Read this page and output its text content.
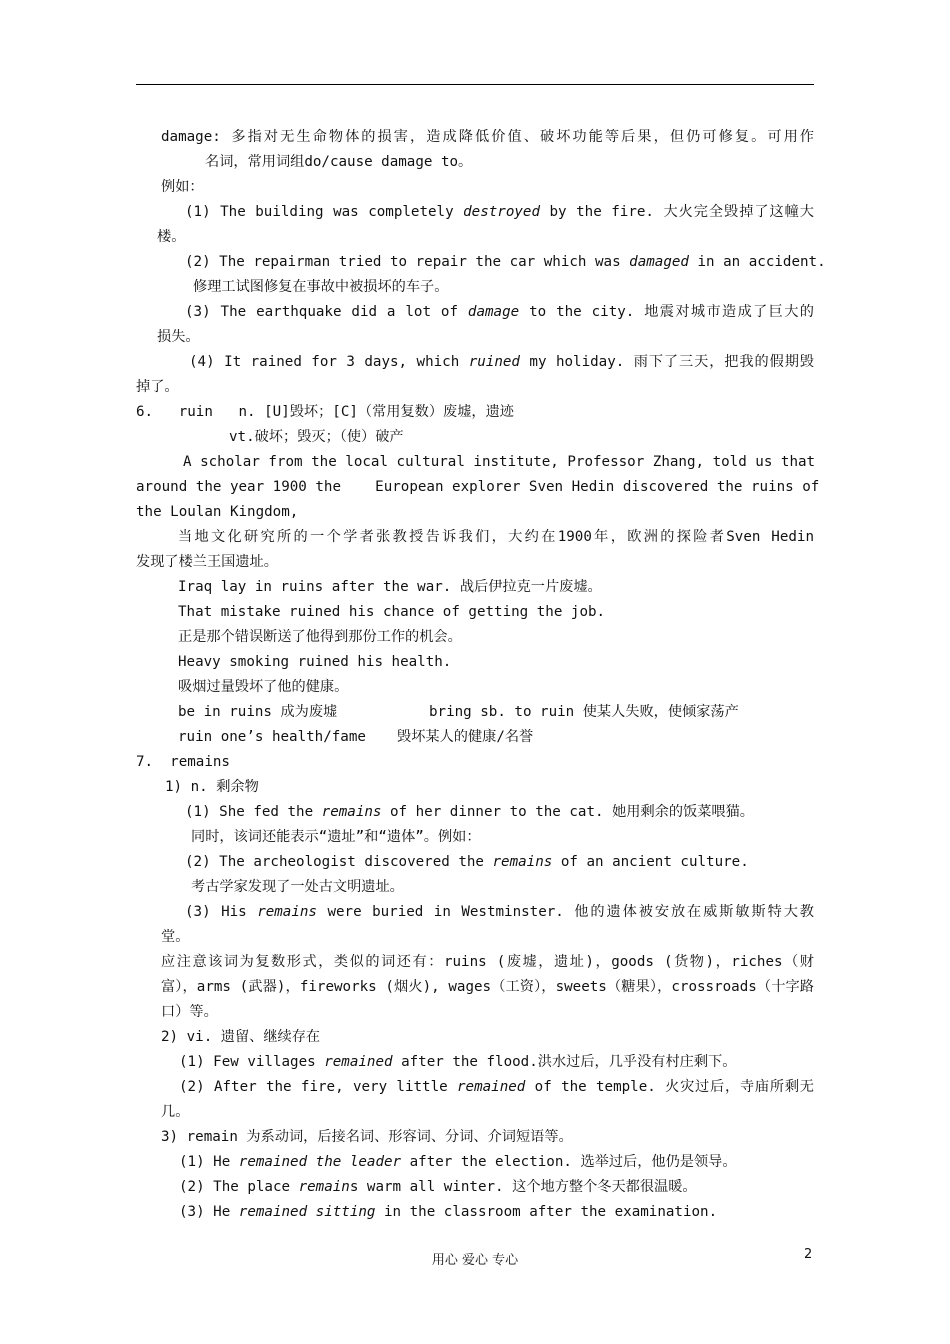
damage: 多指对无生命物体的损害，造成降低价值、破坏功能等后果，但仍可修复。可用作
名词，常用词组do/cause damage to。
例如：
(1) The building was completely destroyed by the fire. 大火完全毁掉了这幢大
楼。
(2) The repairman tried to repair the car which was damaged in an accident.
修理工试图修复在事故中被损坏的车子。
(3) The earthquake did a lot of damage to the city. 地震对城市造成了巨大的
损失。
(4) It rained for 3 days, which ruined my holiday. 雨下了三天，把我的假期毁
掉了。
6.   ruin   n. [U]毁坏；[C]（常用复数）废墟，遗迹
vt.破坏；毁灭；（使）破产
A scholar from the local cultural institute, Professor Zhang, told us that
around the year 1900 the    European explorer Sven Hedin discovered the ruins of
the Loulan Kingdom,
当地文化研究所的一个学者张教授告诉我们，大约在1900年，欧洲的探险者Sven Hedin
发现了楼兰王国遗址。
Iraq lay in ruins after the war. 战后伊拉克一片废墟。
That mistake ruined his chance of getting the job.
正是那个错误断送了他得到那份工作的机会。
Heavy smoking ruined his health.
吸烟过量毁坏了他的健康。
be in ruins 成为废墟	bring sb. to ruin 使某人失败，使倾家荡产
ruin one’s health/fame 毁坏某人的健康/名誉
7.  remains
1) n. 剩余物
(1) She fed the remains of her dinner to the cat. 她用剩余的饭菜喂猫。
同时，该词还能表示“遗址”和“遗体”。例如：
(2) The archeologist discovered the remains of an ancient culture.
考古学家发现了一处古文明遗址。
(3) His remains were buried in Westminster. 他的遗体被安放在威斯敏斯特大教
堂。
应注意该词为复数形式，类似的词还有：ruins (废墟，遗址)，goods (货物)，riches（财
富），arms (武器)，fireworks (烟火), wages（工资），sweets（糖果），crossroads（十字路
口）等。
2) vi. 遗留、继续存在
(1) Few villages remained after the flood.洪水过后，几乎没有村庄剩下。
(2) After the fire, very little remained of the temple. 火灾过后，寺庙所剩无
几。
3) remain 为系动词，后接名词、形容词、分词、介词短语等。
(1) He remained the leader after the election. 选举过后，他仍是领导。
(2) The place remains warm all winter. 这个地方整个冬天都很温暖。
(3) He remained sitting in the classroom after the examination.
用心 爱心 专心	2
